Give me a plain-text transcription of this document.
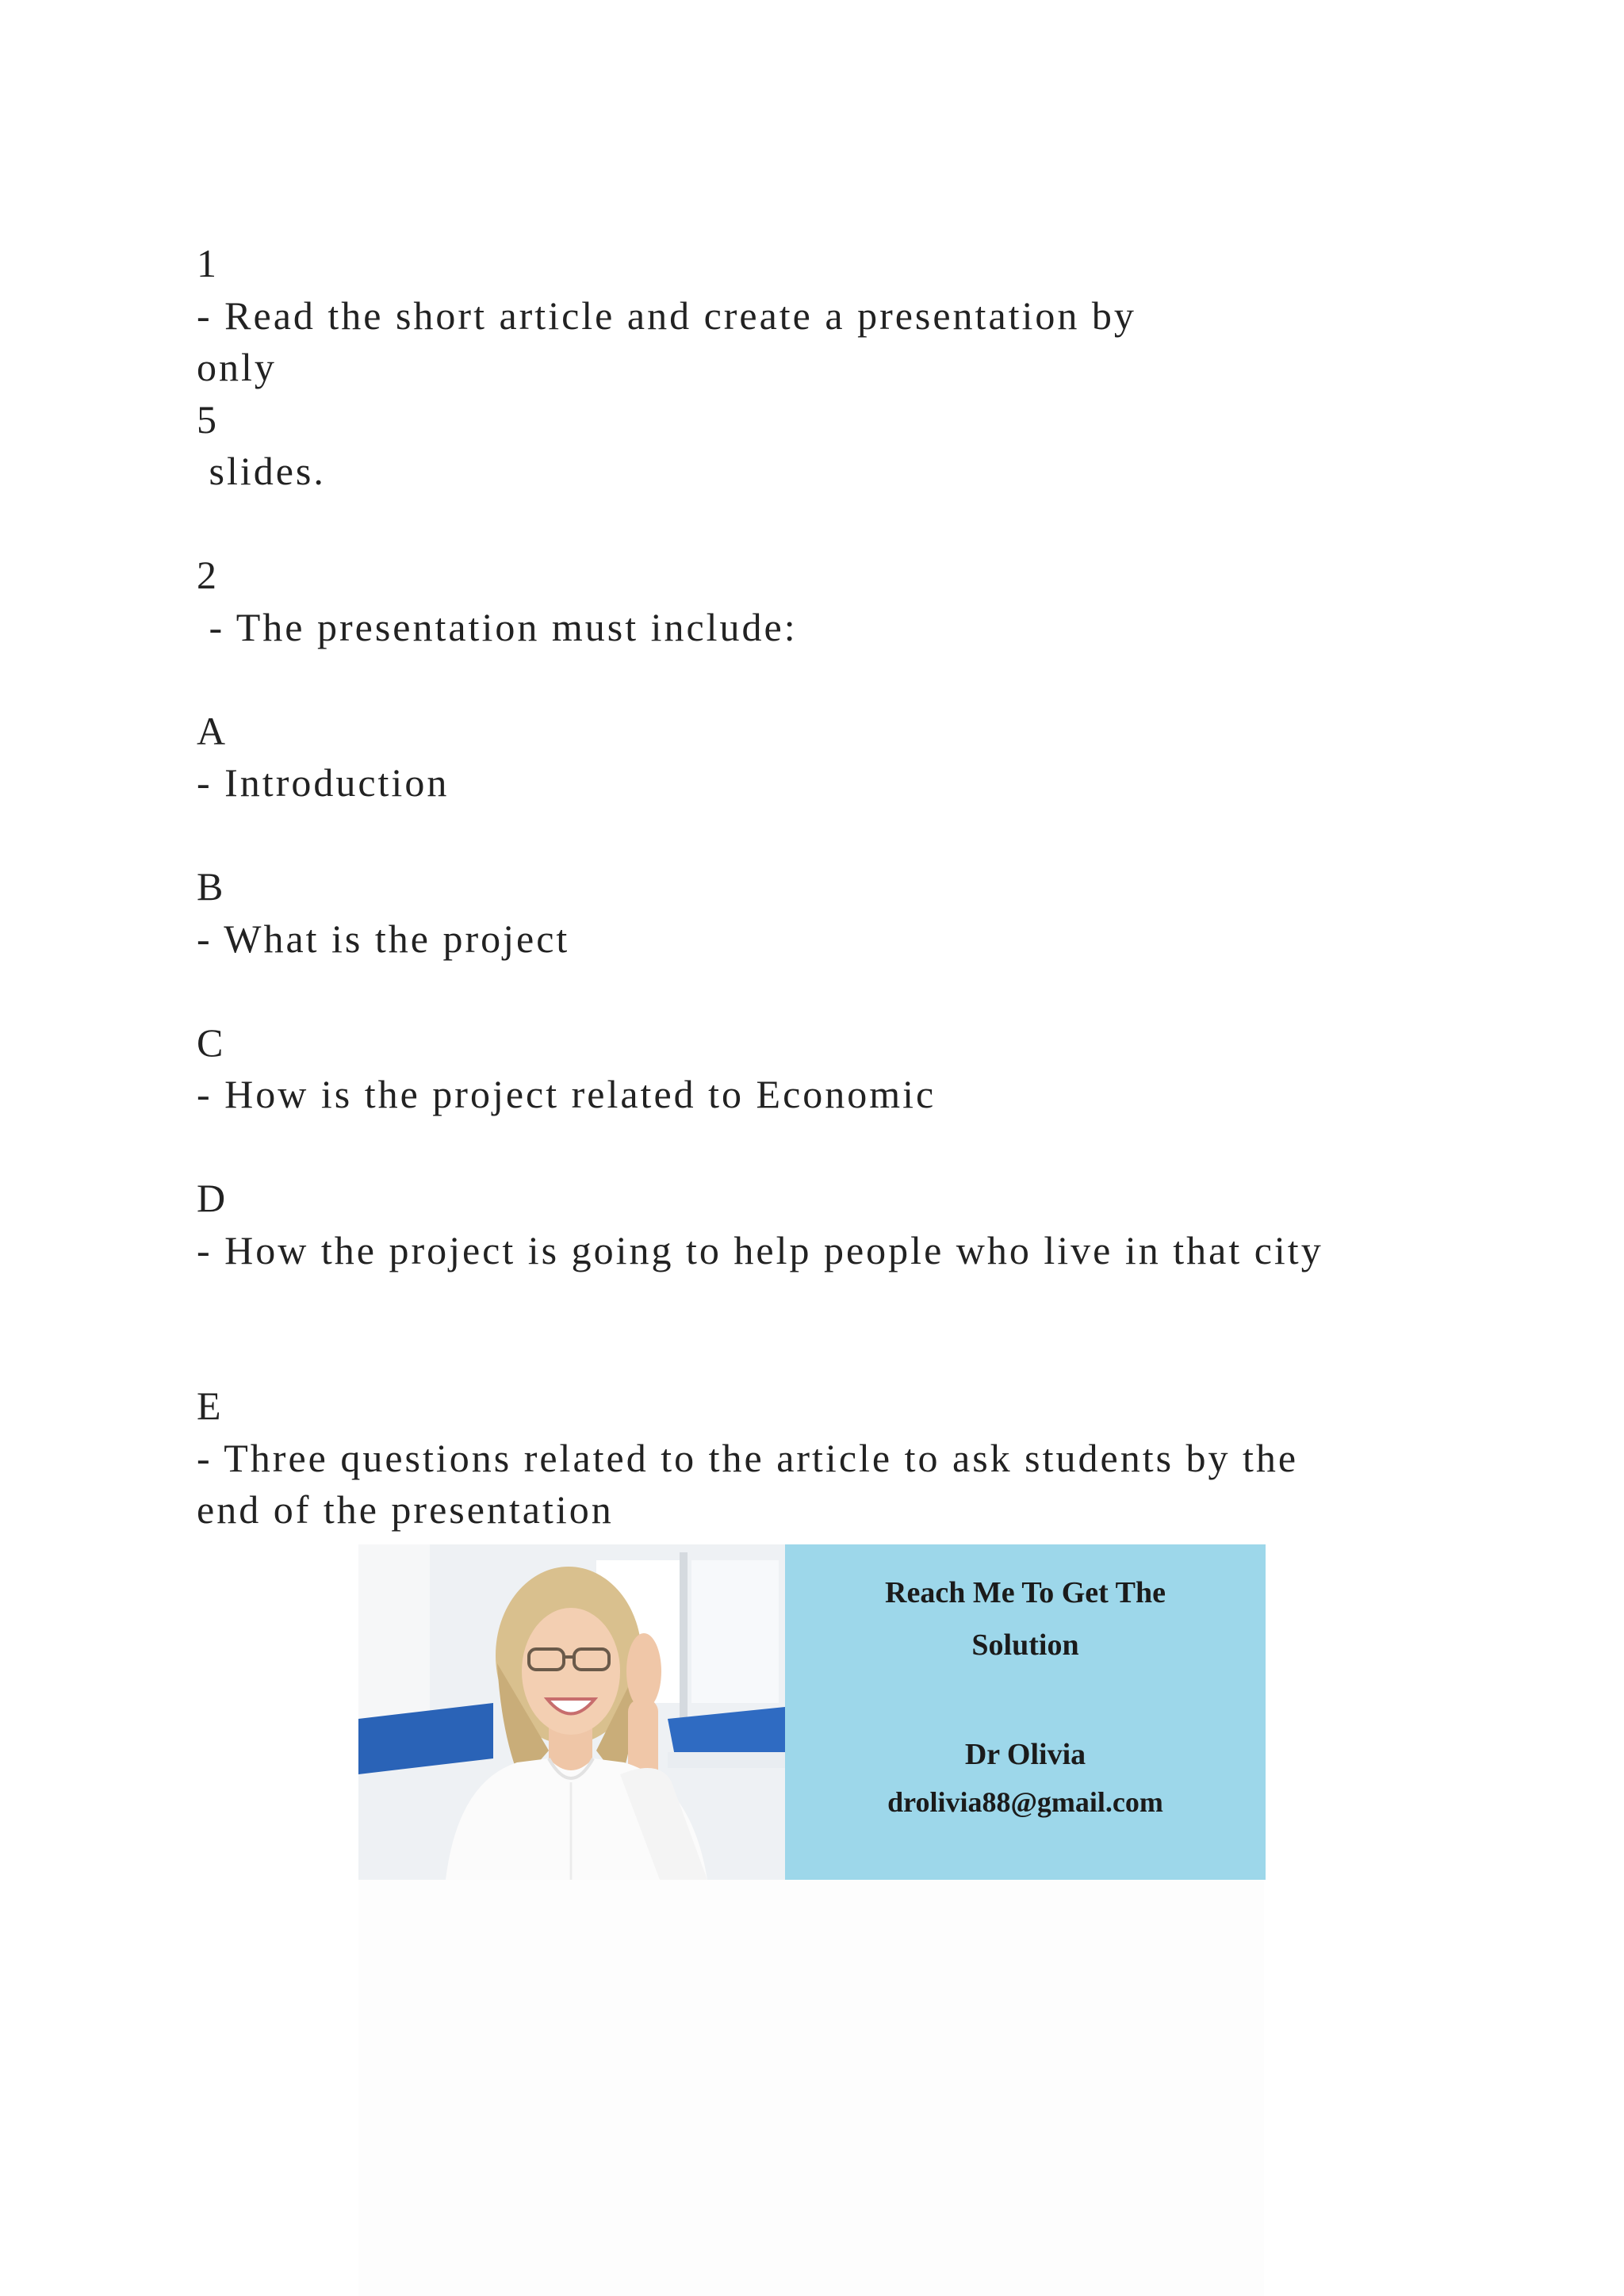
1
- Read the short article and create a presentation by
only
5
slides.
2
- The presentation must include:
A
- Introduction
B
- What is the project
C
- How is the project related to Economic
D
- How the project is going to help people who live in that city
E
- Three questions related to the article to ask students by the
end of the presentation
Reach Me To Get The
Solution
Dr Olivia
drolivia88@gmail.com
